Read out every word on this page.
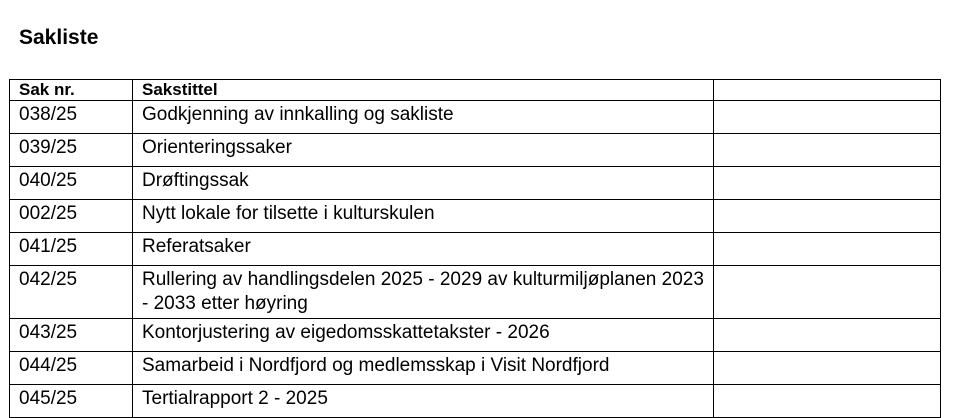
Sakliste
Sak nr.	Sakstittel	
038/25	Godkjenning av innkalling og sakliste	
039/25	Orienteringssaker	
040/25	Drøftingssak	
002/25	Nytt lokale for tilsette i kulturskulen	
041/25	Referatsaker	
042/25	Rullering av handlingsdelen 2025 - 2029 av kulturmiljøplanen 2023 - 2033 etter høyring	
043/25	Kontorjustering av eigedomsskattetakster - 2026	
044/25	Samarbeid i Nordfjord og medlemsskap i Visit Nordfjord	
045/25	Tertialrapport 2 - 2025	
